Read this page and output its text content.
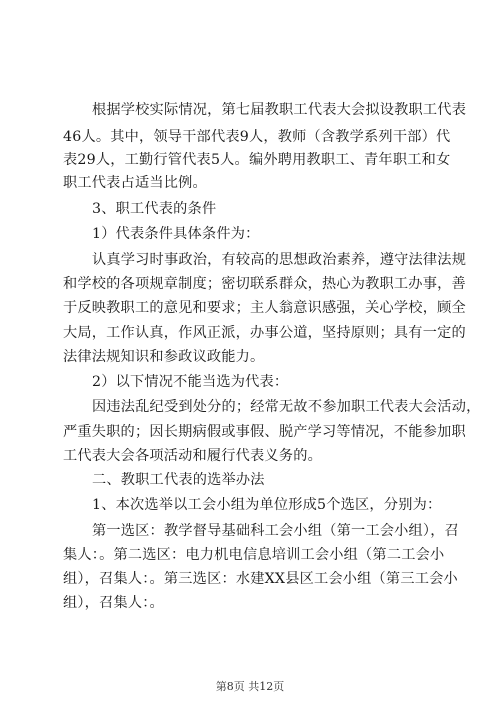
根据学校实际情况，第七届教职工代表大会拟设教职工代表
46人。其中，领导干部代表9人，教师（含教学系列干部）代
表29人，工勤行管代表5人。编外聘用教职工、青年职工和女
职工代表占适当比例。
3、职工代表的条件
1）代表条件具体条件为：
认真学习时事政治，有较高的思想政治素养，遵守法律法规
和学校的各项规章制度；密切联系群众，热心为教职工办事，善
于反映教职工的意见和要求；主人翁意识感强，关心学校，顾全
大局，工作认真，作风正派，办事公道，坚持原则；具有一定的
法律法规知识和参政议政能力。
2）以下情况不能当选为代表：
因违法乱纪受到处分的；经常无故不参加职工代表大会活动，
严重失职的；因长期病假或事假、脱产学习等情况，不能参加职
工代表大会各项活动和履行代表义务的。
二、教职工代表的选举办法
1、本次选举以工会小组为单位形成5个选区，分别为：
第一选区：教学督导基础科工会小组（第一工会小组），召
集人：。第二选区：电力机电信息培训工会小组（第二工会小
组），召集人：。第三选区：水建XX县区工会小组（第三工会小
组），召集人：。
第8页 共12页
